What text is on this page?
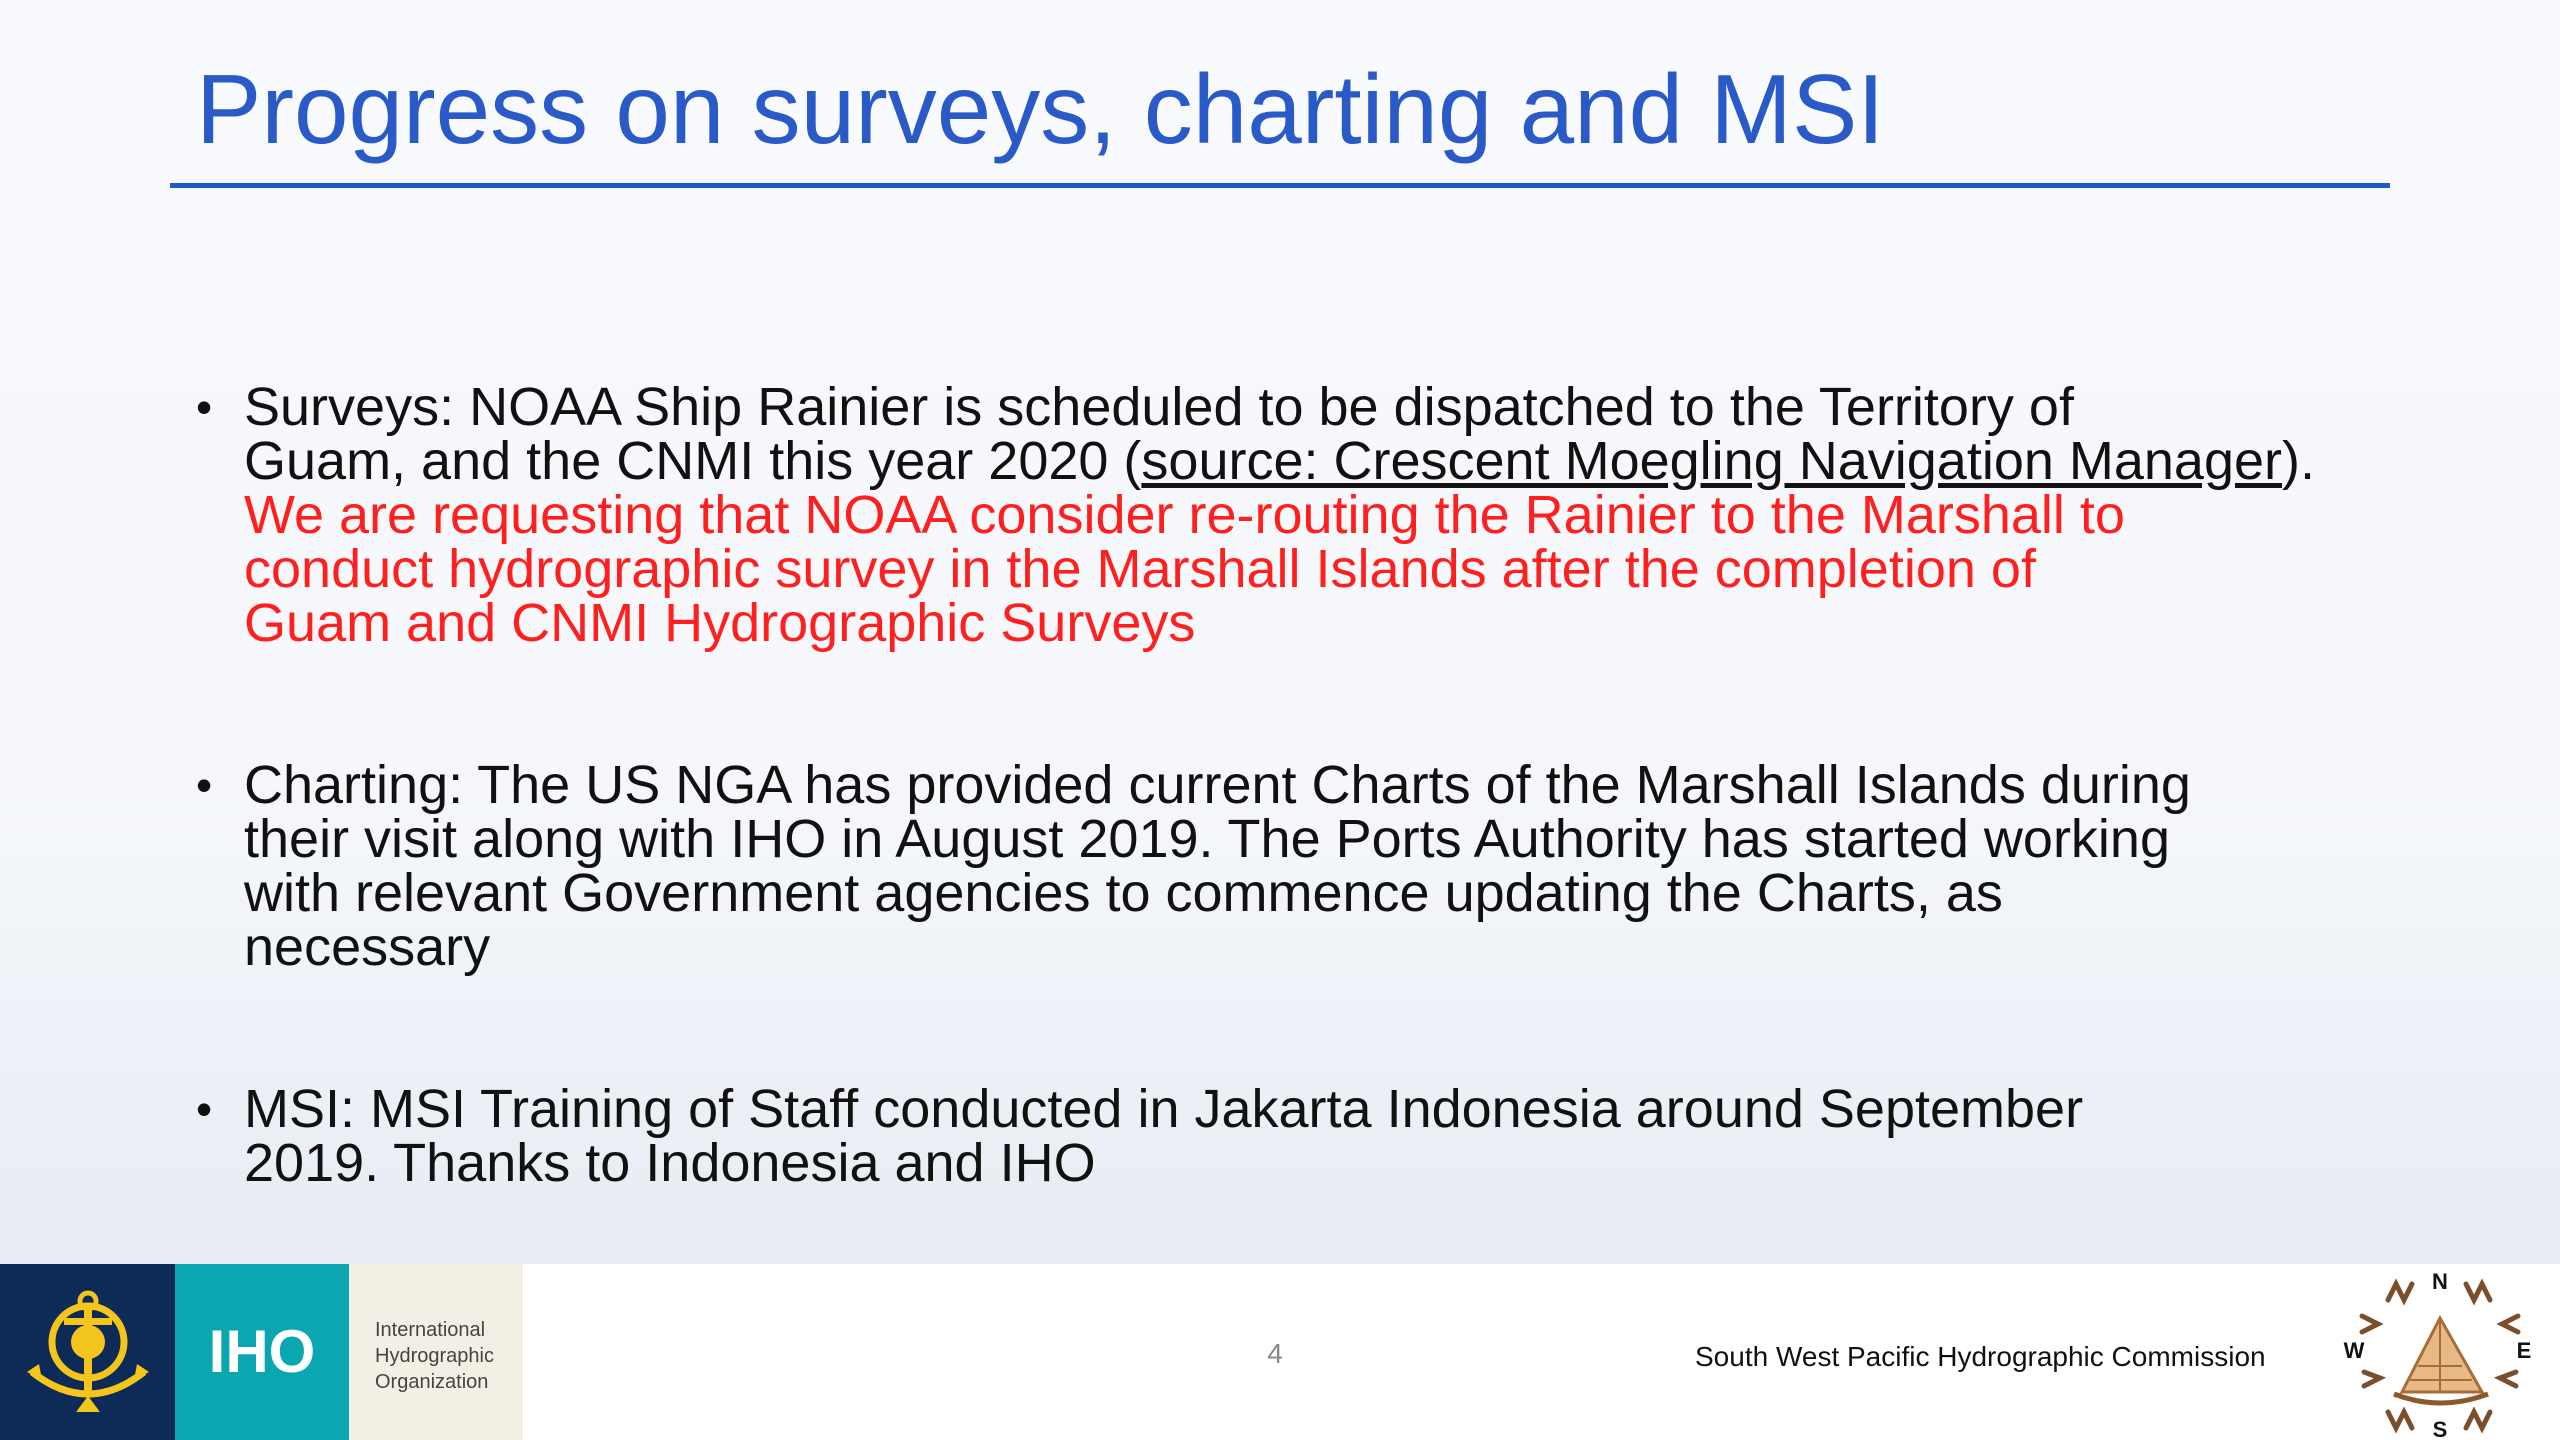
Progress on surveys, charting and MSI
• Surveys: NOAA Ship Rainier is scheduled to be dispatched to the Territory of
Guam, and the CNMI this year 2020 (source: Crescent Moegling Navigation Manager).
We are requesting that NOAA consider re-routing the Rainier to the Marshall to
conduct hydrographic survey in the Marshall Islands after the completion of
Guam and CNMI Hydrographic Surveys
• Charting: The US NGA has provided current Charts of the Marshall Islands during
their visit along with IHO in August 2019. The Ports Authority has started working
with relevant Government agencies to commence updating the Charts, as
necessary
• MSI: MSI Training of Staff conducted in Jakarta Indonesia around September
2019. Thanks to Indonesia and IHO
IHO	International
Hydrographic
Organization
4	South West Pacific Hydrographic Commission
N
W	E
S
